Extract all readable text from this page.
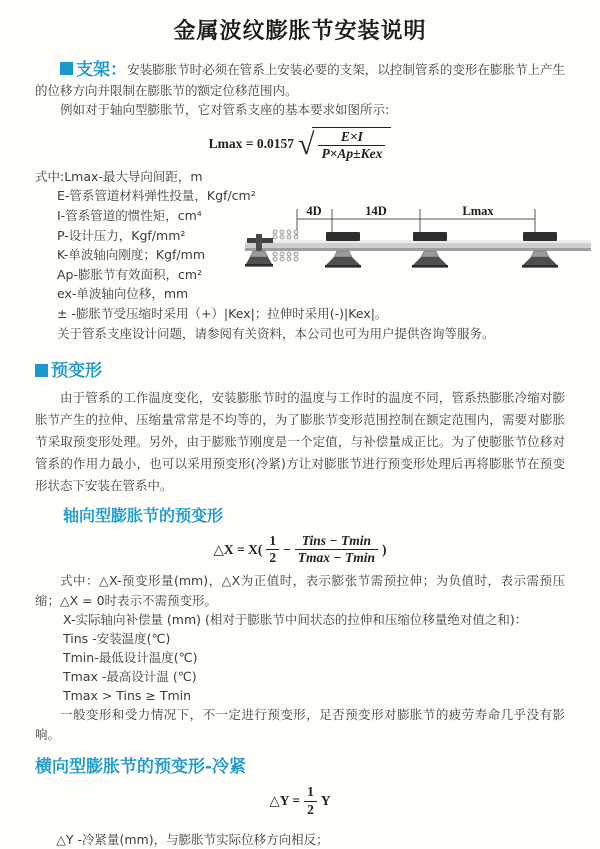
金属波纹膨胀节安装说明

支架：安装膨胀节时必须在管系上安装必要的支架，以控制管系的变形在膨胀节上产生的位移方向并限制在膨胀节的额定位移范围内。

例如对于轴向型膨胀节，它对管系支座的基本要求如图所示:

Lmax = 0.0157 √ $\frac{E\times I}{\text{P×Ap±Kex}}$
式中:Lmax-最大导向间距，m
E-管系管道材料弹性投量，Kgf/cm²
I-管系管道的惯性矩，cm⁴
P-设计压力，Kgf/mm²
K-单波轴向刚度；Kgf/mm
Ap-膨胀节有效面积，cm²
ex-单波轴向位移，mm
4D	14D	Lmax

± -膨胀节受压缩时采用（+）|Kex|；拉伸时采用(-)|Kex|。

关于管系支座设计问题，请参阅有关资料，本公司也可为用户提供咨询等服务。

预变形

由于管系的工作温度变化，安装膨胀节时的温度与工作时的温度不同，管系热膨胀冷缩对膨胀节产生的拉伸、压缩量常常是不均等的，为了膨胀节变形范围控制在额定范围内，需要对膨胀节采取预变形处理。另外，由于膨账节刚度是一个定值，与补偿量成正比。为了使膨胀节位移对管系的作用力最小，也可以采用预变形(冷紧)方让对膨胀节进行预变形处理后再将膨胀节在预变形状态下安装在管系中。

轴向型膨胀节的预变形

△X = $X( \frac{1}{2} - \frac{\text{Tins − Tmin}}{Tmax - Tmin}$ )

式中：△X-预变形量(mm)，△X为正值时，表示膨张节需预拉伸；为负值时，表示需预压缩；△X = 0时表示不需预变形。

X-实际轴向补偿量 (mm) (相对于膨胀节中间状态的拉伸和压缩位移量绝对值之和)：
Tins -安装温度(℃)
Tmin-最低设计温度(℃)
Tmax -最高设计温 (℃)
Tmax > Tins ≥ Tmin

一般变形和受力情况下，不一定进行预变形，足否预变形对膨胀节的疲劳寿命几乎没有影响。

横向型膨胀节的预变形-冷紧

△Y = $\frac{1}{2}$ Y

△Y -冷紧量(mm)，与膨胀节实际位移方向相反；
